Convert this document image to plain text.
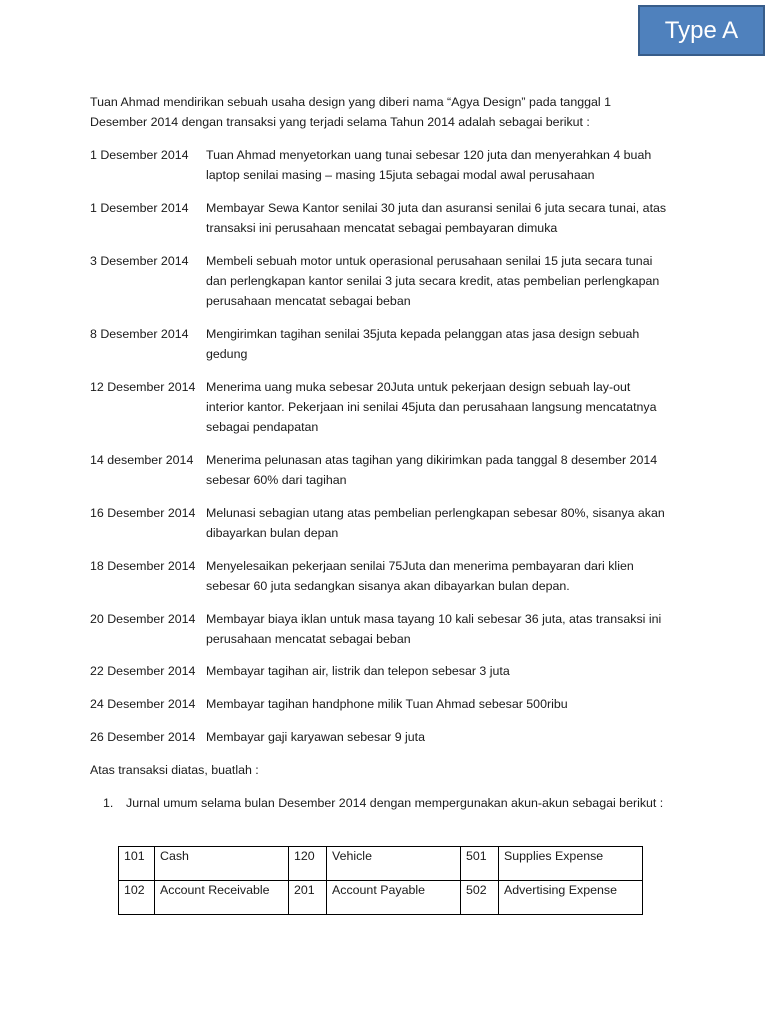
Type A
Tuan Ahmad mendirikan sebuah usaha design yang diberi nama “Agya Design” pada tanggal 1
Desember 2014 dengan transaksi yang terjadi selama Tahun 2014 adalah sebagai berikut :
1 Desember 2014	Tuan Ahmad menyetorkan uang tunai sebesar 120 juta dan menyerahkan 4 buah
laptop senilai masing – masing 15juta sebagai modal awal perusahaan
1 Desember 2014	Membayar Sewa Kantor senilai 30 juta dan asuransi senilai 6 juta secara tunai, atas
transaksi ini perusahaan mencatat sebagai pembayaran dimuka
3 Desember 2014	Membeli sebuah motor untuk operasional perusahaan senilai 15 juta secara tunai
dan perlengkapan kantor senilai 3 juta secara kredit, atas pembelian perlengkapan
perusahaan mencatat sebagai beban
8 Desember 2014	Mengirimkan tagihan senilai 35juta kepada pelanggan atas jasa design sebuah
gedung
12 Desember 2014 Menerima uang muka sebesar 20Juta untuk pekerjaan design sebuah lay-out
interior kantor. Pekerjaan ini senilai 45juta dan perusahaan langsung mencatatnya
sebagai pendapatan
14 desember 2014	Menerima pelunasan atas tagihan yang dikirimkan pada tanggal 8 desember 2014
sebesar 60% dari tagihan
16 Desember 2014 Melunasi sebagian utang atas pembelian perlengkapan sebesar 80%, sisanya akan
dibayarkan bulan depan
18 Desember 2014 Menyelesaikan pekerjaan senilai 75Juta dan menerima pembayaran dari klien
sebesar 60 juta sedangkan sisanya akan dibayarkan bulan depan.
20 Desember 2014 Membayar biaya iklan untuk masa tayang 10 kali sebesar 36 juta, atas transaksi ini
perusahaan mencatat sebagai beban
22 Desember 2014 Membayar tagihan air, listrik dan telepon sebesar 3 juta
24 Desember 2014 Membayar tagihan handphone milik Tuan Ahmad sebesar 500ribu
26 Desember 2014 Membayar gaji karyawan sebesar 9 juta
Atas transaksi diatas, buatlah :
1. Jurnal umum selama bulan Desember 2014 dengan mempergunakan akun-akun sebagai berikut :
101	Cash	120	Vehicle	501	Supplies Expense
102	Account Receivable	201	Account Payable	502	Advertising Expense
